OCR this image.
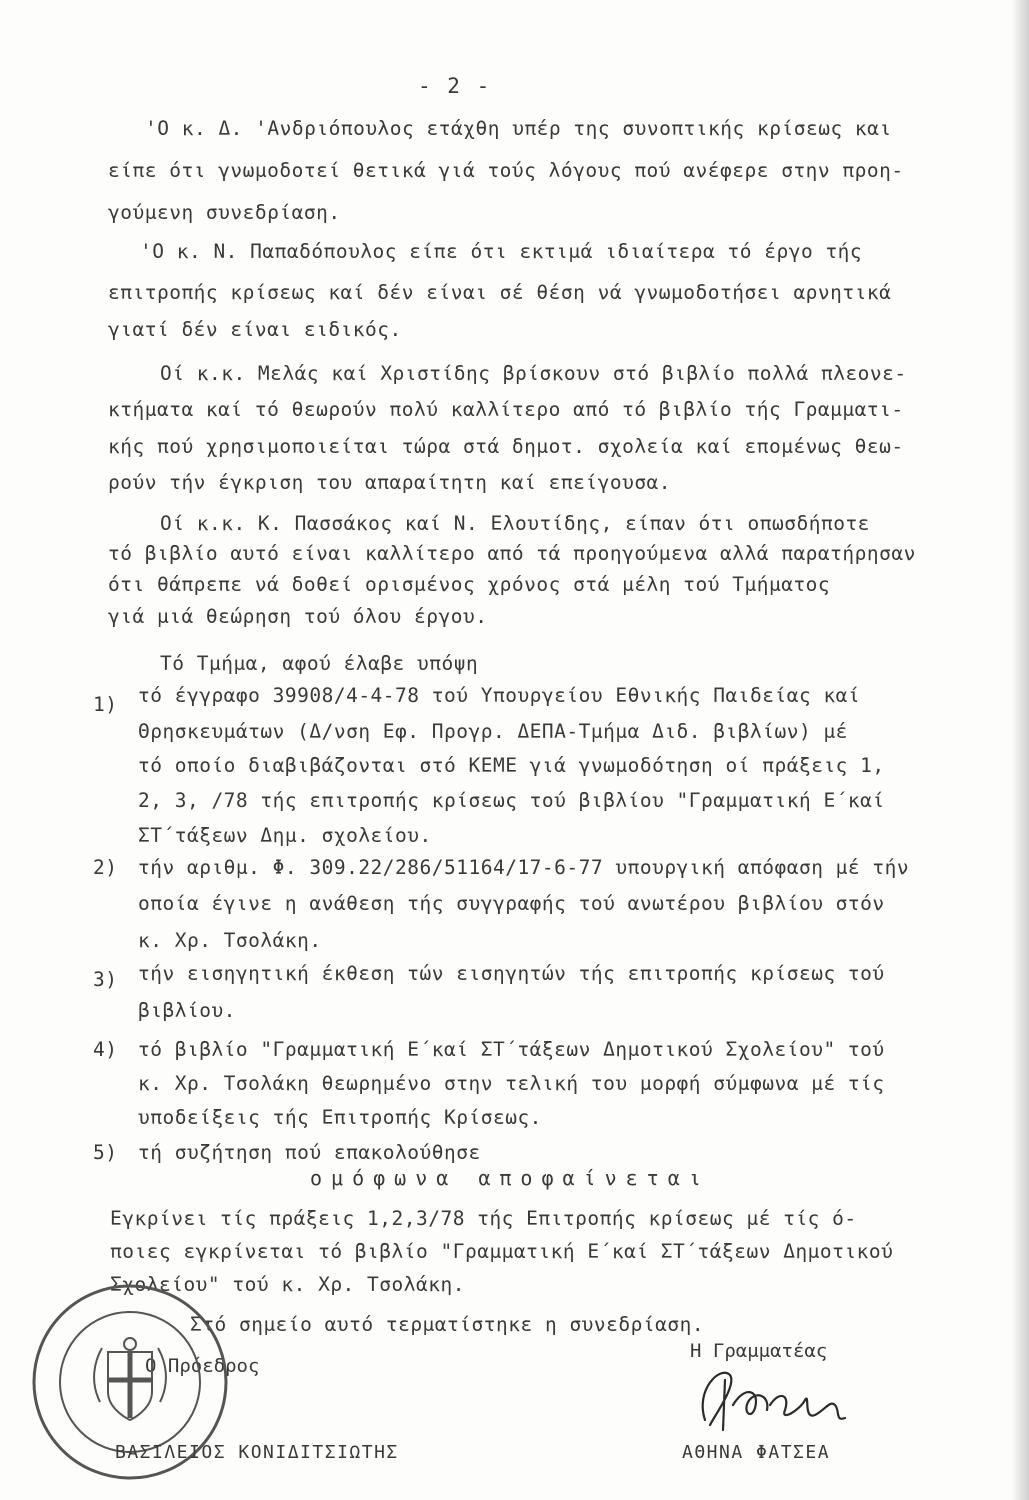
- 2 -
'Ο κ. Δ. 'Ανδριόπουλος ετάχθη υπέρ της συνοπτικής κρίσεως και
είπε ότι γνωμοδοτεί θετικά γιά τούς λόγους πού ανέφερε στην προη-
γούμενη συνεδρίαση.
'Ο κ. Ν. Παπαδόπουλος είπε ότι εκτιμά ιδιαίτερα τό έργο τής
επιτροπής κρίσεως καί δέν είναι σέ θέση νά γνωμοδοτήσει αρνητικά
γιατί δέν είναι ειδικός.
Οί κ.κ. Μελάς καί Χριστίδης βρίσκουν στό βιβλίο πολλά πλεονε-
κτήματα καί τό θεωρούν πολύ καλλίτερο από τό βιβλίο τής Γραμματι-
κής πού χρησιμοποιείται τώρα στά δημοτ. σχολεία καί επομένως θεω-
ρούν τήν έγκριση του απαραίτητη καί επείγουσα.
Οί κ.κ. Κ. Πασσάκος καί Ν. Ελουτίδης, είπαν ότι οπωσδήποτε
τό βιβλίο αυτό είναι καλλίτερο από τά προηγούμενα αλλά παρατήρησαν
ότι θάπρεπε νά δοθεί ορισμένος χρόνος στά μέλη τού Τμήματος
γιά μιά θεώρηση τού όλου έργου.
Τό Τμήμα, αφού έλαβε υπόψη
1) τό έγγραφο 39908/4-4-78 τού Υπουργείου Εθνικής Παιδείας καί
Θρησκευμάτων (Δ/νση Εφ. Προγρ. ΔΕΠΑ-Τμήμα Διδ. βιβλίων) μέ
τό οποίο διαβιβάζονται στό ΚΕΜΕ γιά γνωμοδότηση οί πράξεις 1,
2, 3, /78 τής επιτροπής κρίσεως τού βιβλίου "Γραμματική Ε΄καί
ΣΤ΄τάξεων Δημ. σχολείου.
2) τήν αριθμ. Φ. 309.22/286/51164/17-6-77 υπουργική απόφαση μέ τήν
οποία έγινε η ανάθεση τής συγγραφής τού ανωτέρου βιβλίου στόν
κ. Χρ. Τσολάκη.
3) τήν εισηγητική έκθεση τών εισηγητών τής επιτροπής κρίσεως τού
βιβλίου.
4) τό βιβλίο "Γραμματική Ε΄καί ΣΤ΄τάξεων Δημοτικού Σχολείου" τού
κ. Χρ. Τσολάκη θεωρημένο στην τελική του μορφή σύμφωνα μέ τίς
υποδείξεις τής Επιτροπής Κρίσεως.
5) τή συζήτηση πού επακολούθησε
ομόφωνα αποφαίνεται
Εγκρίνει τίς πράξεις 1,2,3/78 τής Επιτροπής κρίσεως μέ τίς ό-
ποιες εγκρίνεται τό βιβλίο "Γραμματική Ε΄καί ΣΤ΄τάξεων Δημοτικού
Σχολείου" τού κ. Χρ. Τσολάκη.
Στό σημείο αυτό τερματίστηκε η συνεδρίαση.
Η Γραμματέας
Ο Πρόεδρος
ΒΑΣΙΛΕΙΟΣ ΚΟΝΙΔΙΤΣΙΩΤΗΣ	ΑΘΗΝΑ ΦΑΤΣΕΑ
